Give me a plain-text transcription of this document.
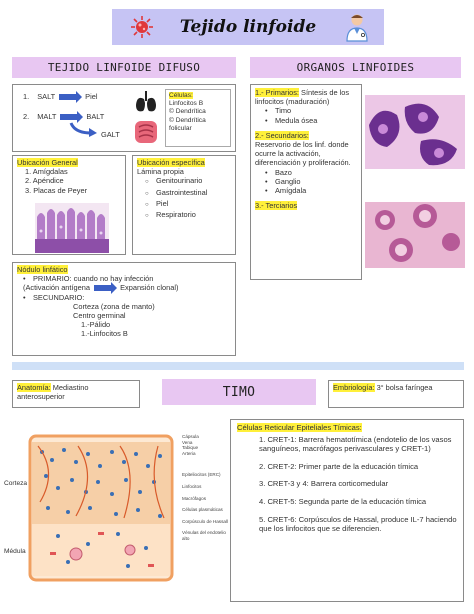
Tejido linfoide
TEJIDO LINFOIDE DIFUSO	ORGANOS LINFOIDES
1. SALT	Piel
2. MALT	BALT
GALT
Células:
Linfocitos B
© Dendrítica
© Dendrítica
folicular
Ubicación General
1. Amígdalas
2. Apéndice
3. Placas de Peyer
Ubicación específica
Lámina propia
○ Genitourinario
○ Gastrointestinal
○ Piel
○ Respiratorio
Nódulo linfático
• PRIMARIO: cuando no hay infección
(Activación antígena	Expansión clonal)
• SECUNDARIO:
Corteza (zona de manto)
Centro germinal
1.-Pálido
1.-Linfocitos B
1.- Primarios: Síntesis de los linfocitos (maduración)
• Timo
• Medula ósea
2.- Secundarios:
Reservorio de los linf. donde ocurre la activación, diferenciación y proliferación.
• Bazo
• Ganglio
• Amígdala
3.- Terciarios
Anatomía: Mediastino anterosuperior	TIMO	Embriología: 3° bolsa faríngea
Corteza
Médula
Cápsula
Vena
Tabique
Arteria
Epiteliocitos (ERC)
Linfocitos
Macrófagos
Células plasmáticas
Corpúsculo de Hassall
Vénulas del endotelio alto
Células Reticular Epiteliales Tímicas:
1. CRET-1: Barrera hematotímica (endotelio de los vasos sanguíneos, macrófagos perivasculares y CRET-1)
2. CRET-2: Primer parte de la educación tímica
3. CRET-3 y 4: Barrera corticomedular
4. CRET-5: Segunda parte de la educación tímica
5. CRET-6: Corpúsculos de Hassal, produce IL-7 haciendo que los linfocitos que se diferencien.
